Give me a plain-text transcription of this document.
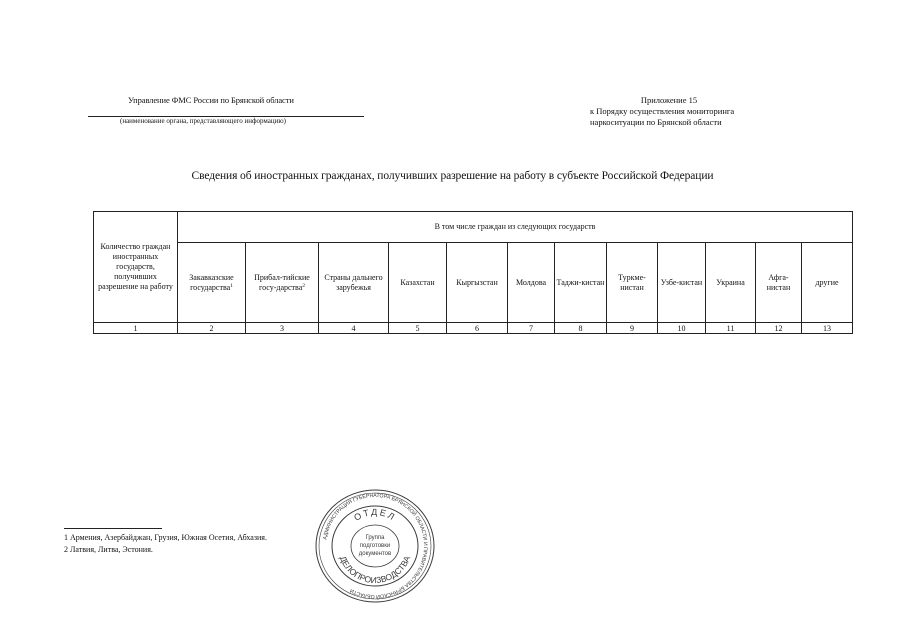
Управление ФМС России по Брянской области
(наименование органа, представляющего информацию)
Приложение 15
к Порядку осуществления мониторинга
наркоситуации по Брянской области
Сведения об иностранных гражданах, получивших разрешение на работу в субъекте Российской Федерации
Количество граждан иностранных государств, получивших разрешение на работу	В том числе граждан из следующих государств											
	Закавказские государства$^1$	Прибал-тийские госу-дарства$^2$	Страны дальнего зарубежья	Казахстан	Кыргызстан	Молдова	Таджи-кистан	Туркме-нистан	Узбе-кистан	Украина	Афга-нистан	другие
1	2	3	4	5	6	7	8	9	10	11	12	13
1 Армения, Азербайджан, Грузия, Южная Осетия, Абхазия.
2 Латвия, Литва, Эстония.
АДМИНИСТРАЦИЯ ГУБЕРНАТОРА БРЯНСКОЙ ОБЛАСТИ И ПРАВИТЕЛЬСТВА БРЯНСКОЙ ОБЛАСТИ
ОТДЕЛ
ДЕЛОПРОИЗВОДСТВА
Группа
подготовки
документов
